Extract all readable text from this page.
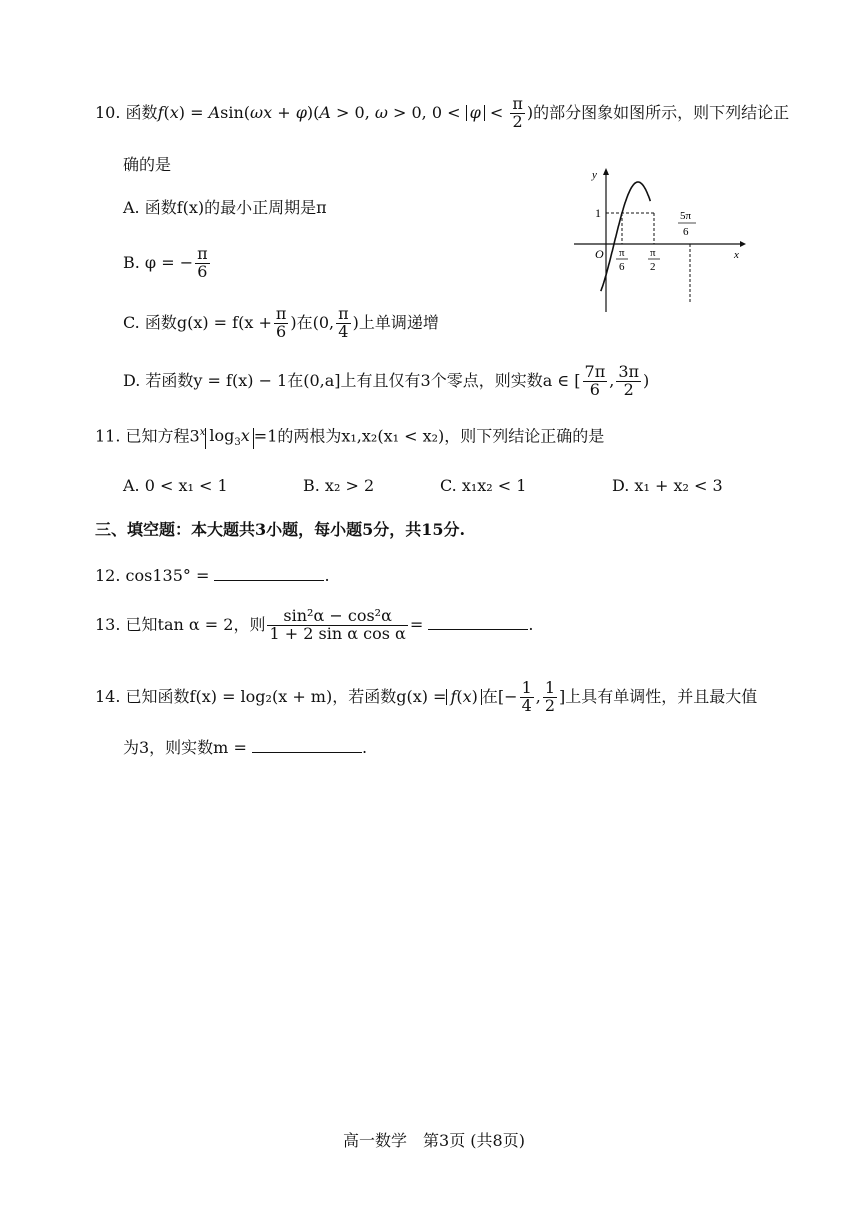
10. 函数f(x) = Asin(ωx + φ)(A > 0, ω > 0, $0 < \varphi < \frac{\pi}{2}$ )的部分图象如图所示，则下列结论正
确的是
A. 函数f(x)的最小正周期是π
B. φ = − $\frac{\pi}{6}$
C. 函数$g(x) = f(x + \frac{\pi}{6}$ )在(0, $\frac{\pi}{4}$ )上单调递增
D. 若函数y = f(x) − 1在(0,a]上有且仅有3个零点，则实数a ∈ [ $\frac{7\pi}{6}$ , $\frac{3\pi}{2}$ )
y
x
O
1
π
6
π
2
5π
6
11. 已知方程3$^x$ $\log_3x =1$的两根为x₁,x₂(x₁ < x₂)，则下列结论正确的是
A. 0 < x₁ < 1	B. x₂ > 2	C. x₁x₂ < 1	D. x₁ + x₂ < 3
三、填空题：本大题共3小题，每小题5分，共15分.
12. cos135° =	.
13. 已知tan α = 2，则 $\frac{\text{sin²α − cos²α}}{\text{1 + 2 sin α cos α}}$ =	.
14. 已知函数f(x) = log₂(x + m)，若函数g(x) = f(x) 在[− $\frac{1}{4}$ , $\frac{1}{2}$ ]上具有单调性，并且最大值
为3，则实数m =	.
高一数学　第3页 (共8页)
